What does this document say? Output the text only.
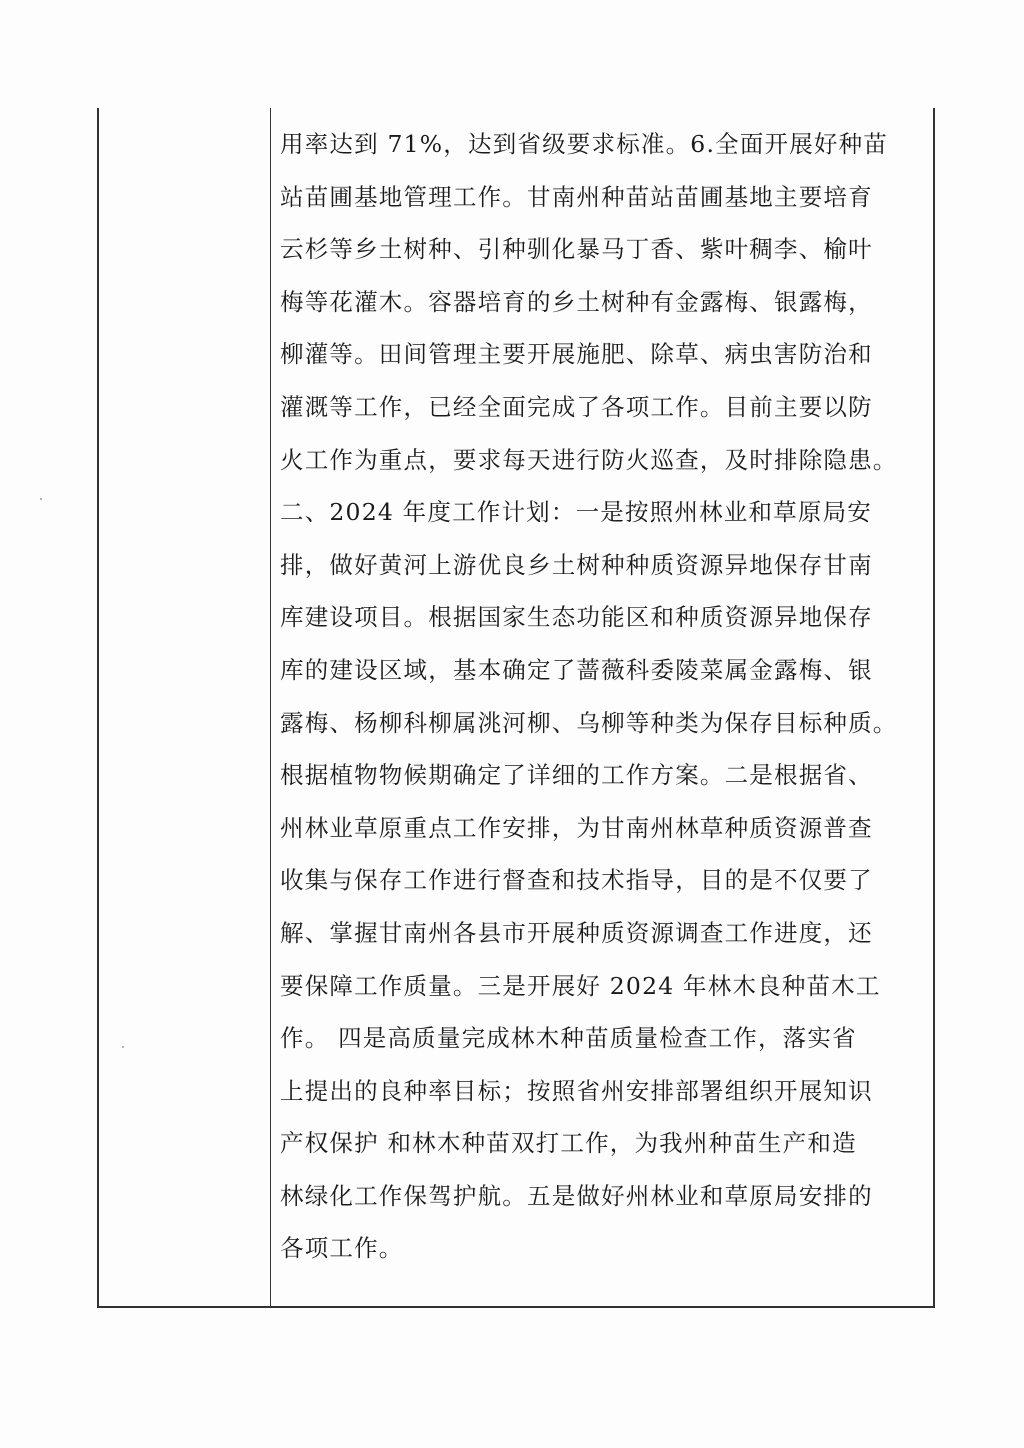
用率达到 71%，达到省级要求标准。6.全面开展好种苗
站苗圃基地管理工作。甘南州种苗站苗圃基地主要培育
云杉等乡土树种、引种驯化暴马丁香、紫叶稠李、榆叶
梅等花灌木。容器培育的乡土树种有金露梅、银露梅，
柳灌等。田间管理主要开展施肥、除草、病虫害防治和
灌溉等工作，已经全面完成了各项工作。目前主要以防
火工作为重点，要求每天进行防火巡查，及时排除隐患。
二、2024 年度工作计划：一是按照州林业和草原局安
排，做好黄河上游优良乡土树种种质资源异地保存甘南
库建设项目。根据国家生态功能区和种质资源异地保存
库的建设区域，基本确定了蔷薇科委陵菜属金露梅、银
露梅、杨柳科柳属洮河柳、乌柳等种类为保存目标种质。
根据植物物候期确定了详细的工作方案。二是根据省、
州林业草原重点工作安排，为甘南州林草种质资源普查
收集与保存工作进行督查和技术指导，目的是不仅要了
解、掌握甘南州各县市开展种质资源调查工作进度，还
要保障工作质量。三是开展好 2024 年林木良种苗木工
作。 四是高质量完成林木种苗质量检查工作，落实省
上提出的良种率目标；按照省州安排部署组织开展知识
产权保护 和林木种苗双打工作，为我州种苗生产和造
林绿化工作保驾护航。五是做好州林业和草原局安排的
各项工作。
